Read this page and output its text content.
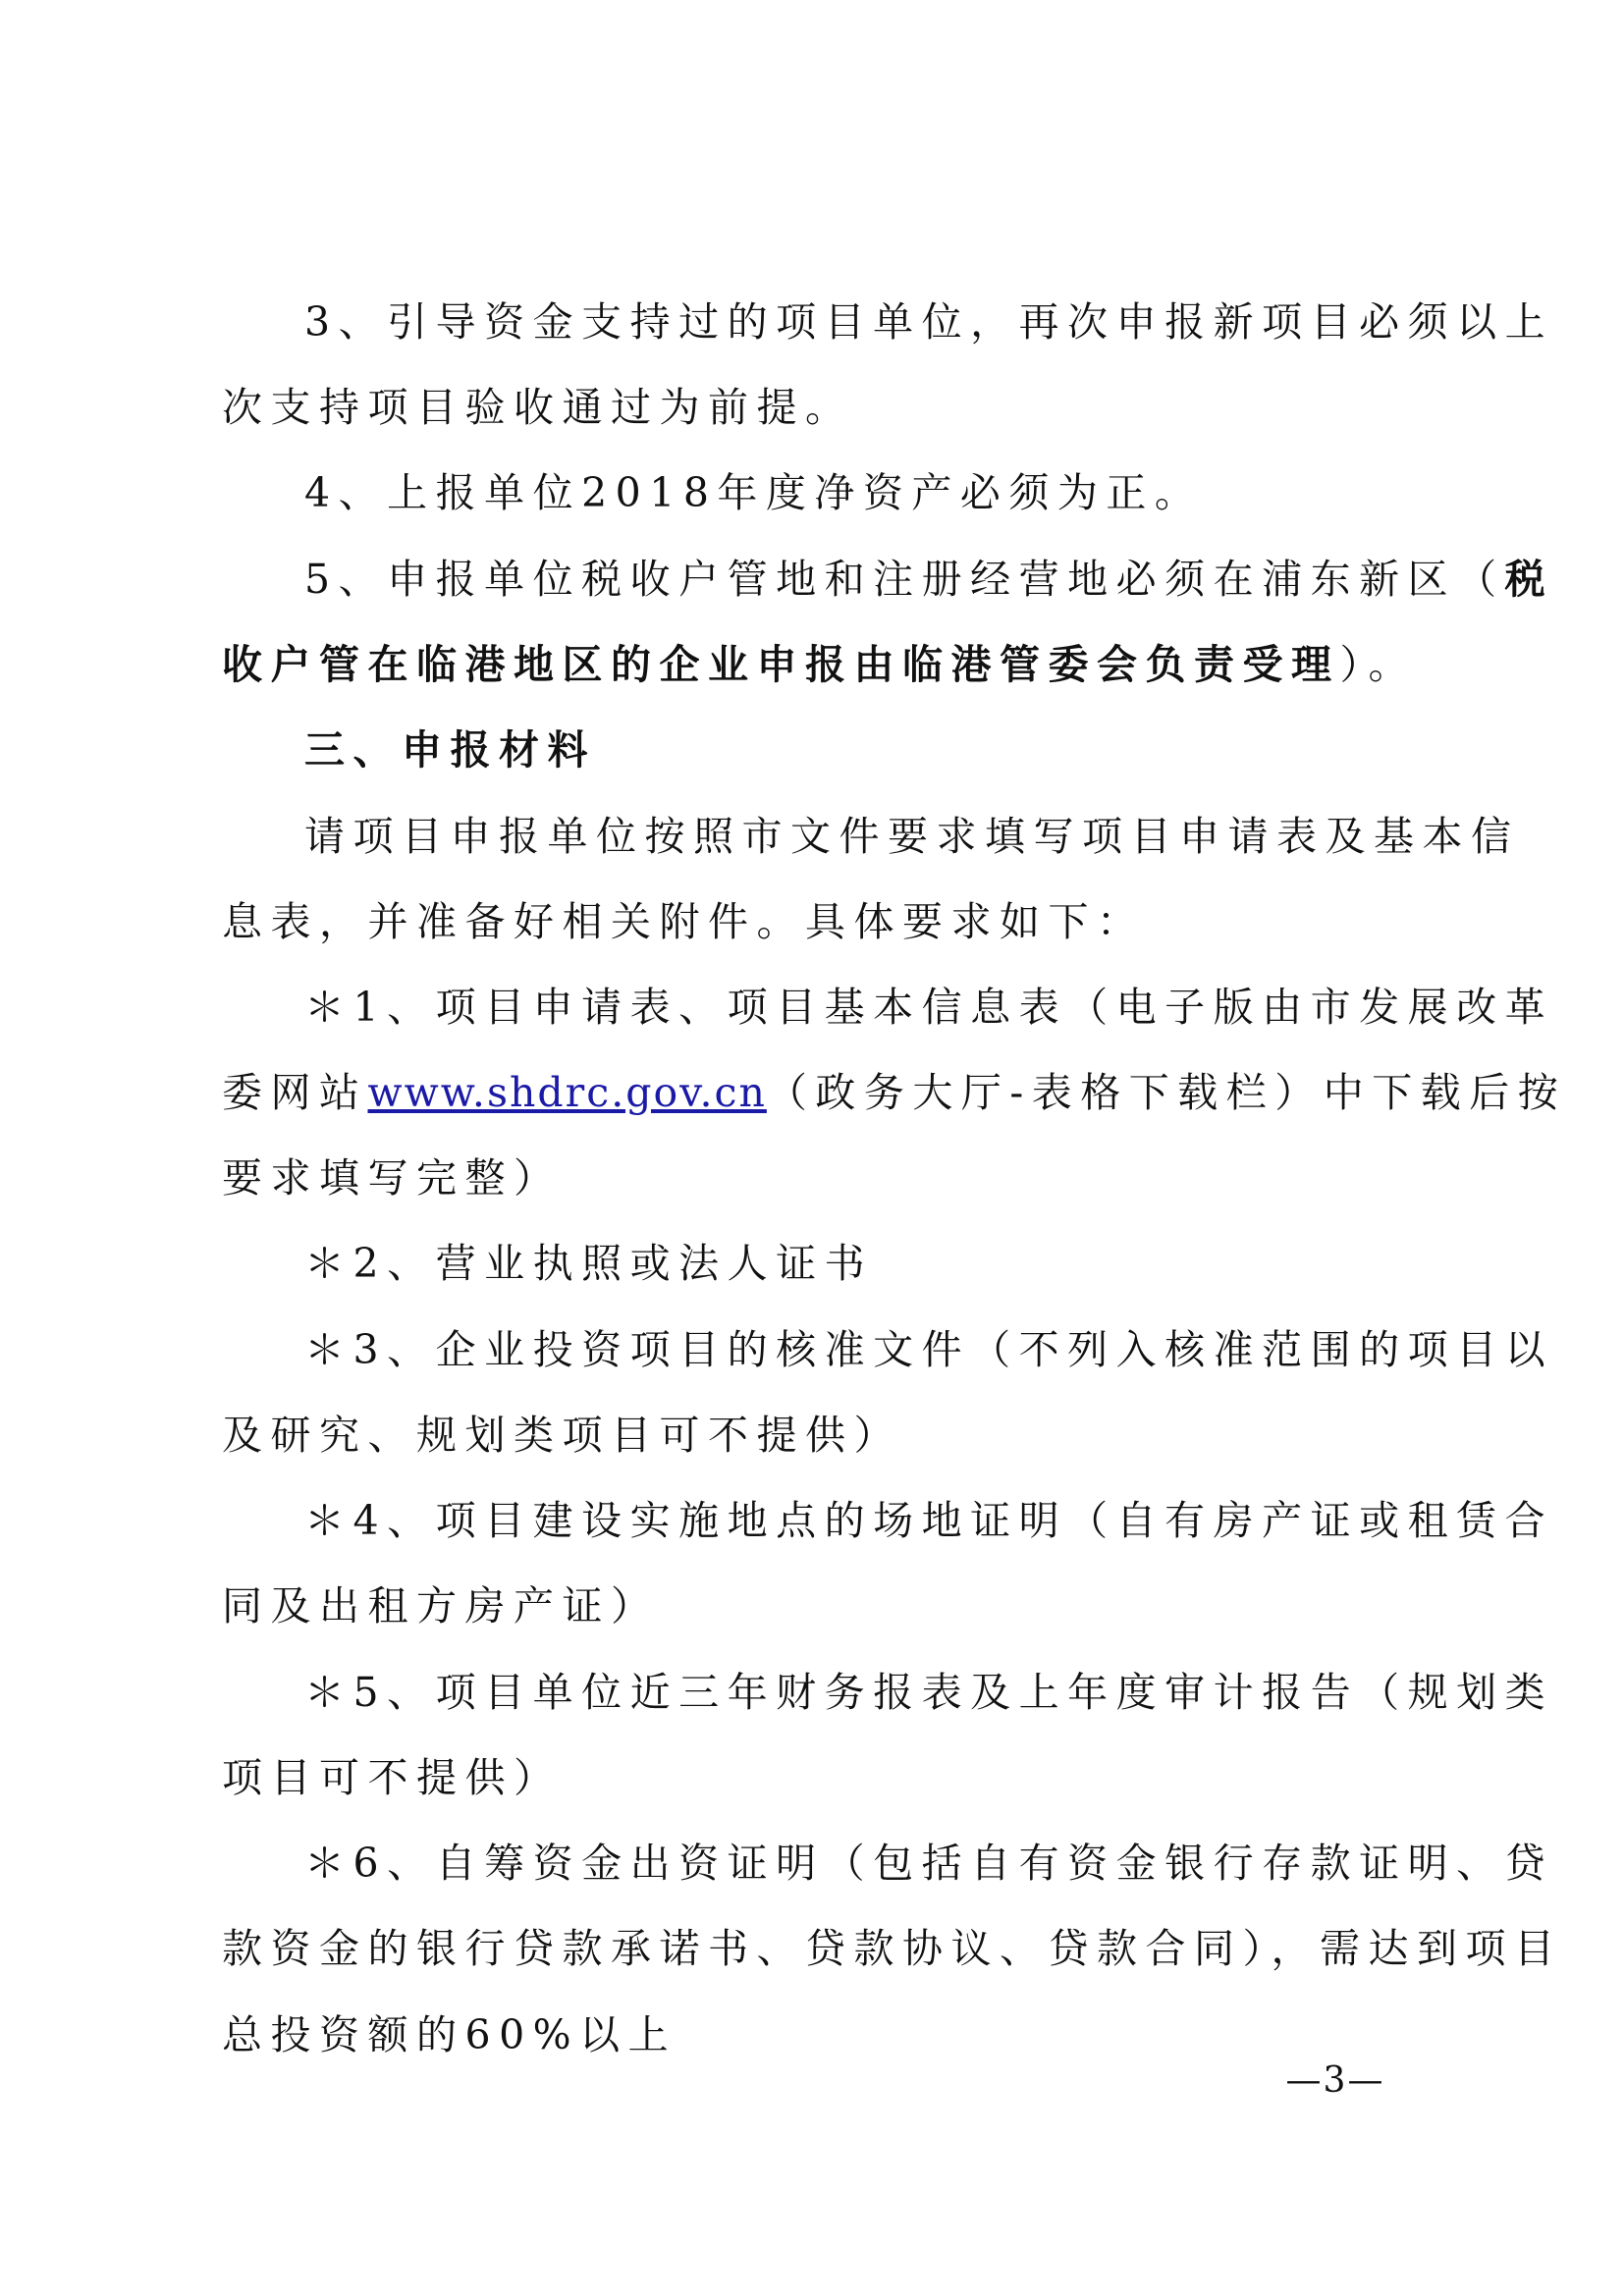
3、引导资金支持过的项目单位，再次申报新项目必须以上
次支持项目验收通过为前提。
4、上报单位2018年度净资产必须为正。
5、申报单位税收户管地和注册经营地必须在浦东新区（税
收户管在临港地区的企业申报由临港管委会负责受理）。
三、申报材料
请项目申报单位按照市文件要求填写项目申请表及基本信
息表，并准备好相关附件。具体要求如下：
＊1、项目申请表、项目基本信息表（电子版由市发展改革
委网站www.shdrc.gov.cn（政务大厅-表格下载栏）中下载后按
要求填写完整）
＊2、营业执照或法人证书
＊3、企业投资项目的核准文件（不列入核准范围的项目以
及研究、规划类项目可不提供）
＊4、项目建设实施地点的场地证明（自有房产证或租赁合
同及出租方房产证）
＊5、项目单位近三年财务报表及上年度审计报告（规划类
项目可不提供）
＊6、自筹资金出资证明（包括自有资金银行存款证明、贷
款资金的银行贷款承诺书、贷款协议、贷款合同），需达到项目
总投资额的60%以上
—3—
